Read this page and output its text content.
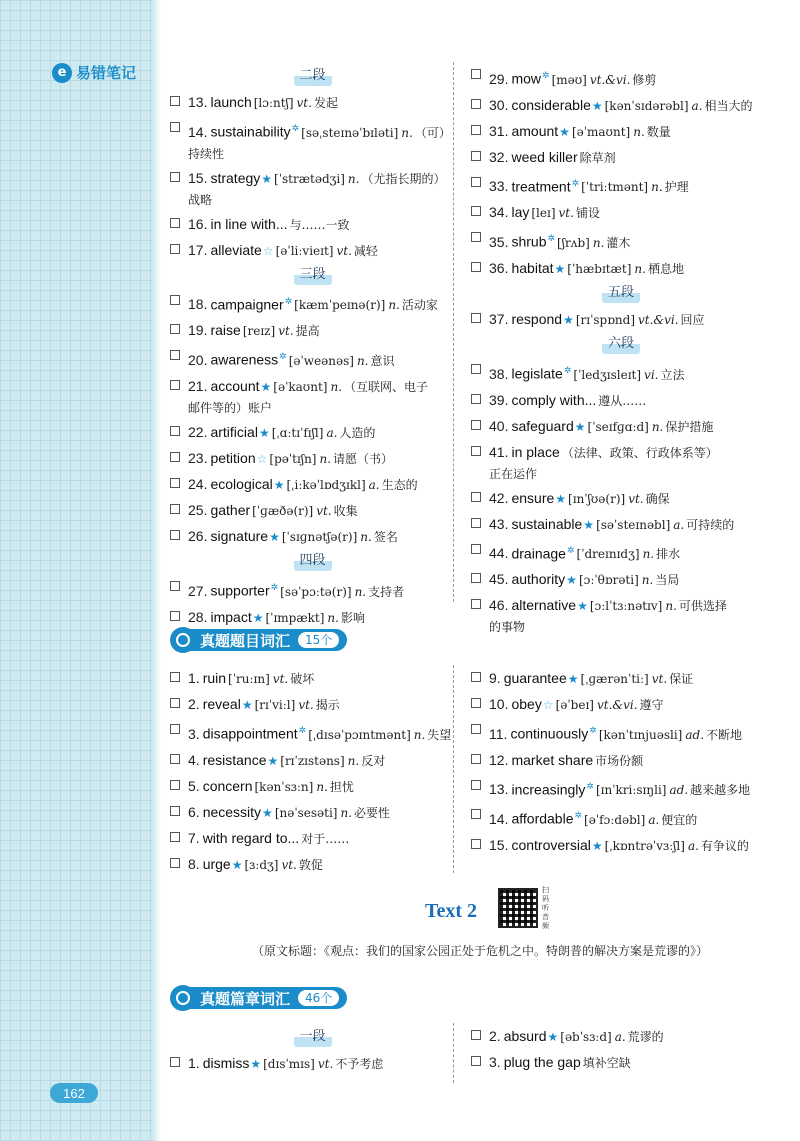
e 易错笔记
162
二段
13. launch [lɔːntʃ] vt. 发起
14. sustainability✲ [səˌsteɪnəˈbɪləti] n. （可）
持续性
15. strategy★ [ˈstrætədʒi] n. （尤指长期的）
战略
16. in line with... 与……一致
17. alleviate☆ [əˈliːvieɪt] vt. 减轻
三段
18. campaigner✲ [kæmˈpeɪnə(r)] n. 活动家
19. raise [reɪz] vt. 提高
20. awareness✲ [əˈweənəs] n. 意识
21. account★ [əˈkaʊnt] n. （互联网、电子
邮件等的）账户
22. artificial★ [ˌɑːtɪˈfɪʃl] a. 人造的
23. petition☆ [pəˈtɪʃn] n. 请愿（书）
24. ecological★ [ˌiːkəˈlɒdʒɪkl] a. 生态的
25. gather [ˈɡæðə(r)] vt. 收集
26. signature★ [ˈsɪɡnətʃə(r)] n. 签名
四段
27. supporter✲ [səˈpɔːtə(r)] n. 支持者
28. impact★ [ˈɪmpækt] n. 影响
29. mow✲ [məʊ] vt.&vi. 修剪
30. considerable★ [kənˈsɪdərəbl] a. 相当大的
31. amount★ [əˈmaʊnt] n. 数量
32. weed killer 除草剂
33. treatment✲ [ˈtriːtmənt] n. 护理
34. lay [leɪ] vt. 铺设
35. shrub✲ [ʃrʌb] n. 灌木
36. habitat★ [ˈhæbɪtæt] n. 栖息地
五段
37. respond★ [rɪˈspɒnd] vt.&vi. 回应
六段
38. legislate✲ [ˈledʒɪsleɪt] vi. 立法
39. comply with... 遵从……
40. safeguard★ [ˈseɪfɡɑːd] n. 保护措施
41. in place （法律、政策、行政体系等）
正在运作
42. ensure★ [ɪnˈʃʊə(r)] vt. 确保
43. sustainable★ [səˈsteɪnəbl] a. 可持续的
44. drainage✲ [ˈdreɪnɪdʒ] n. 排水
45. authority★ [ɔːˈθɒrəti] n. 当局
46. alternative★ [ɔːlˈtɜːnətɪv] n. 可供选择
的事物
真题题目词汇	15个
1. ruin [ˈruːɪn] vt. 破坏
2. reveal★ [rɪˈviːl] vt. 揭示
3. disappointment✲ [ˌdɪsəˈpɔɪntmənt] n. 失望
4. resistance★ [rɪˈzɪstəns] n. 反对
5. concern [kənˈsɜːn] n. 担忧
6. necessity★ [nəˈsesəti] n. 必要性
7. with regard to... 对于……
8. urge★ [ɜːdʒ] vt. 敦促
9. guarantee★ [ˌɡærənˈtiː] vt. 保证
10. obey☆ [əˈbeɪ] vt.&vi. 遵守
11. continuously✲ [kənˈtɪnjuəsli] ad. 不断地
12. market share 市场份额
13. increasingly✲ [ɪnˈkriːsɪŋli] ad. 越来越多地
14. affordable✲ [əˈfɔːdəbl] a. 便宜的
15. controversial★ [ˌkɒntrəˈvɜːʃl] a. 有争议的
Text 2
扫码听音频
（原文标题：《观点：我们的国家公园正处于危机之中。特朗普的解决方案是荒谬的》）
真题篇章词汇	46个
一段
1. dismiss★ [dɪsˈmɪs] vt. 不予考虑
2. absurd★ [əbˈsɜːd] a. 荒谬的
3. plug the gap 填补空缺
